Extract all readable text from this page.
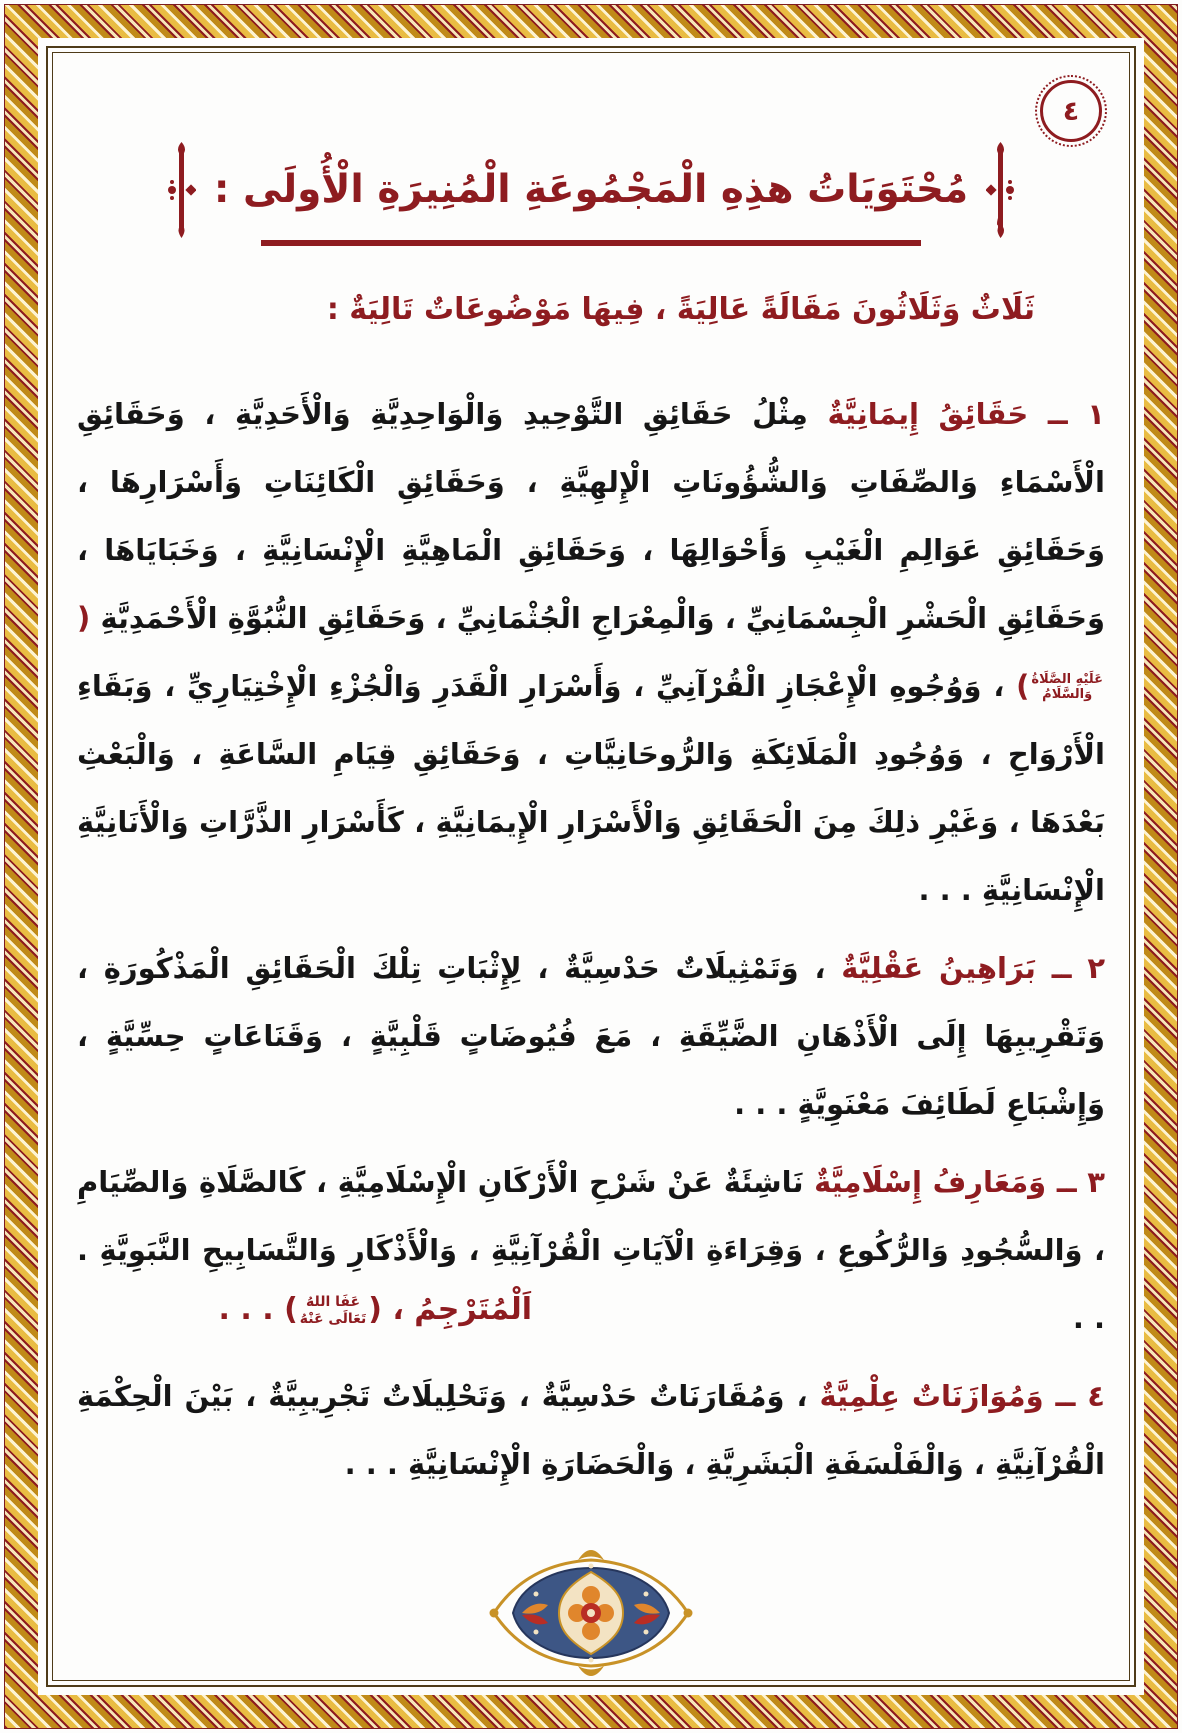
٤
مُحْتَوَيَاتُ هذِهِ الْمَجْمُوعَةِ الْمُنِيرَةِ الْأُولَى :

ثَلَاثٌ وَثَلَاثُونَ مَقَالَةً عَالِيَةً ، فِيهَا مَوْضُوعَاتٌ تَالِيَةٌ :

١ ــ حَقَائِقُ إِيمَانِيَّةٌ مِثْلُ حَقَائِقِ التَّوْحِيدِ وَالْوَاحِدِيَّةِ وَالْأَحَدِيَّةِ ، وَحَقَائِقِ الْأَسْمَاءِ وَالصِّفَاتِ وَالشُّؤُونَاتِ الْإِلهِيَّةِ ، وَحَقَائِقِ الْكَائِنَاتِ وَأَسْرَارِهَا ، وَحَقَائِقِ عَوَالِمِ الْغَيْبِ وَأَحْوَالِهَا ، وَحَقَائِقِ الْمَاهِيَّةِ الْإِنْسَانِيَّةِ ، وَخَبَايَاهَا ، وَحَقَائِقِ الْحَشْرِ الْجِسْمَانِيِّ ، وَالْمِعْرَاجِ الْجُثْمَانِيِّ ، وَحَقَائِقِ النُّبُوَّةِ الْأَحْمَدِيَّةِ (
عَلَيْهِ الصَّلَاةُ
وَالسَّلَامُ
) ، وَوُجُوهِ الْإِعْجَازِ الْقُرْآنِيِّ ، وَأَسْرَارِ الْقَدَرِ وَالْجُزْءِ الْإِخْتِيَارِيِّ ، وَبَقَاءِ الْأَرْوَاحِ ، وَوُجُودِ الْمَلَائِكَةِ وَالرُّوحَانِيَّاتِ ، وَحَقَائِقِ قِيَامِ السَّاعَةِ ، وَالْبَعْثِ بَعْدَهَا ، وَغَيْرِ ذلِكَ مِنَ الْحَقَائِقِ وَالْأَسْرَارِ الْإِيمَانِيَّةِ ، كَأَسْرَارِ الذَّرَّاتِ وَالْأَنَانِيَّةِ الْإِنْسَانِيَّةِ . . .

٢ ــ بَرَاهِينُ عَقْلِيَّةٌ ، وَتَمْثِيلَاتٌ حَدْسِيَّةٌ ، لِإِثْبَاتِ تِلْكَ الْحَقَائِقِ الْمَذْكُورَةِ ، وَتَقْرِيبِهَا إِلَى الْأَذْهَانِ الضَّيِّقَةِ ، مَعَ فُيُوضَاتٍ قَلْبِيَّةٍ ، وَقَنَاعَاتٍ حِسِّيَّةٍ ، وَإِشْبَاعِ لَطَائِفَ مَعْنَوِيَّةٍ . . .

٣ ــ وَمَعَارِفُ إِسْلَامِيَّةٌ نَاشِئَةٌ عَنْ شَرْحِ الْأَرْكَانِ الْإِسْلَامِيَّةِ ، كَالصَّلَاةِ وَالصِّيَامِ ، وَالسُّجُودِ وَالرُّكُوعِ ، وَقِرَاءَةِ الْآيَاتِ الْقُرْآنِيَّةِ ، وَالْأَذْكَارِ وَالتَّسَابِيحِ النَّبَوِيَّةِ . . .

٤ ــ وَمُوَازَنَاتٌ عِلْمِيَّةٌ ، وَمُقَارَنَاتٌ حَدْسِيَّةٌ ، وَتَحْلِيلَاتٌ تَجْرِيبِيَّةٌ ، بَيْنَ الْحِكْمَةِ الْقُرْآنِيَّةِ ، وَالْفَلْسَفَةِ الْبَشَرِيَّةِ ، وَالْحَضَارَةِ الْإِنْسَانِيَّةِ . . .

اَلْمُتَرْجِمُ ، (
عَفَا اللهُ
تَعَالَى عَنْهُ
) . . .
